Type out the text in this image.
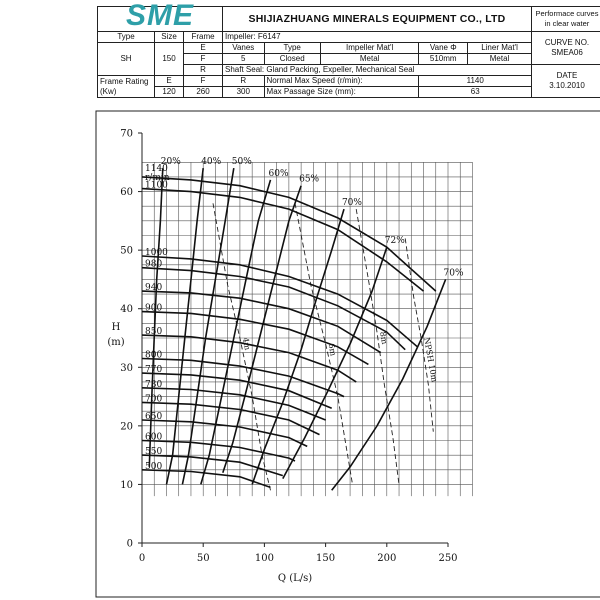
SME			SHIJIAZHUANG MINERALS EQUIPMENT CO., LTD					Performace curves in clear water
Type	Size	Frame	Impeller: F6147					CURVE NO.
SMEA06

SH	150	E	Vanes	Type	Impeller Mat'l	Vane Φ	Liner Mat'l	
		F	5	Closed	Metal	510mm	Metal	
		R	Shaft Seal: Gland Packing, Expeller, Mechanical Seal					DATE
3.10.2010

Frame Rating (Kw)	E	F	R	Normal Max Speed (r/min):		1140		
	120	260	300	Max Passage Size (mm):		63		
0
10
20
30
40
50
60
70
0	50	100	150	200	250
H
(m)
Q (L/s)
4m	6m
8m	NPSH 10m
20% 40% 50%
60%
65%
70%
72%
70%
1140
1100
1000
980
940
900
850
800
770
730
700
650
600
550
500
r/min
